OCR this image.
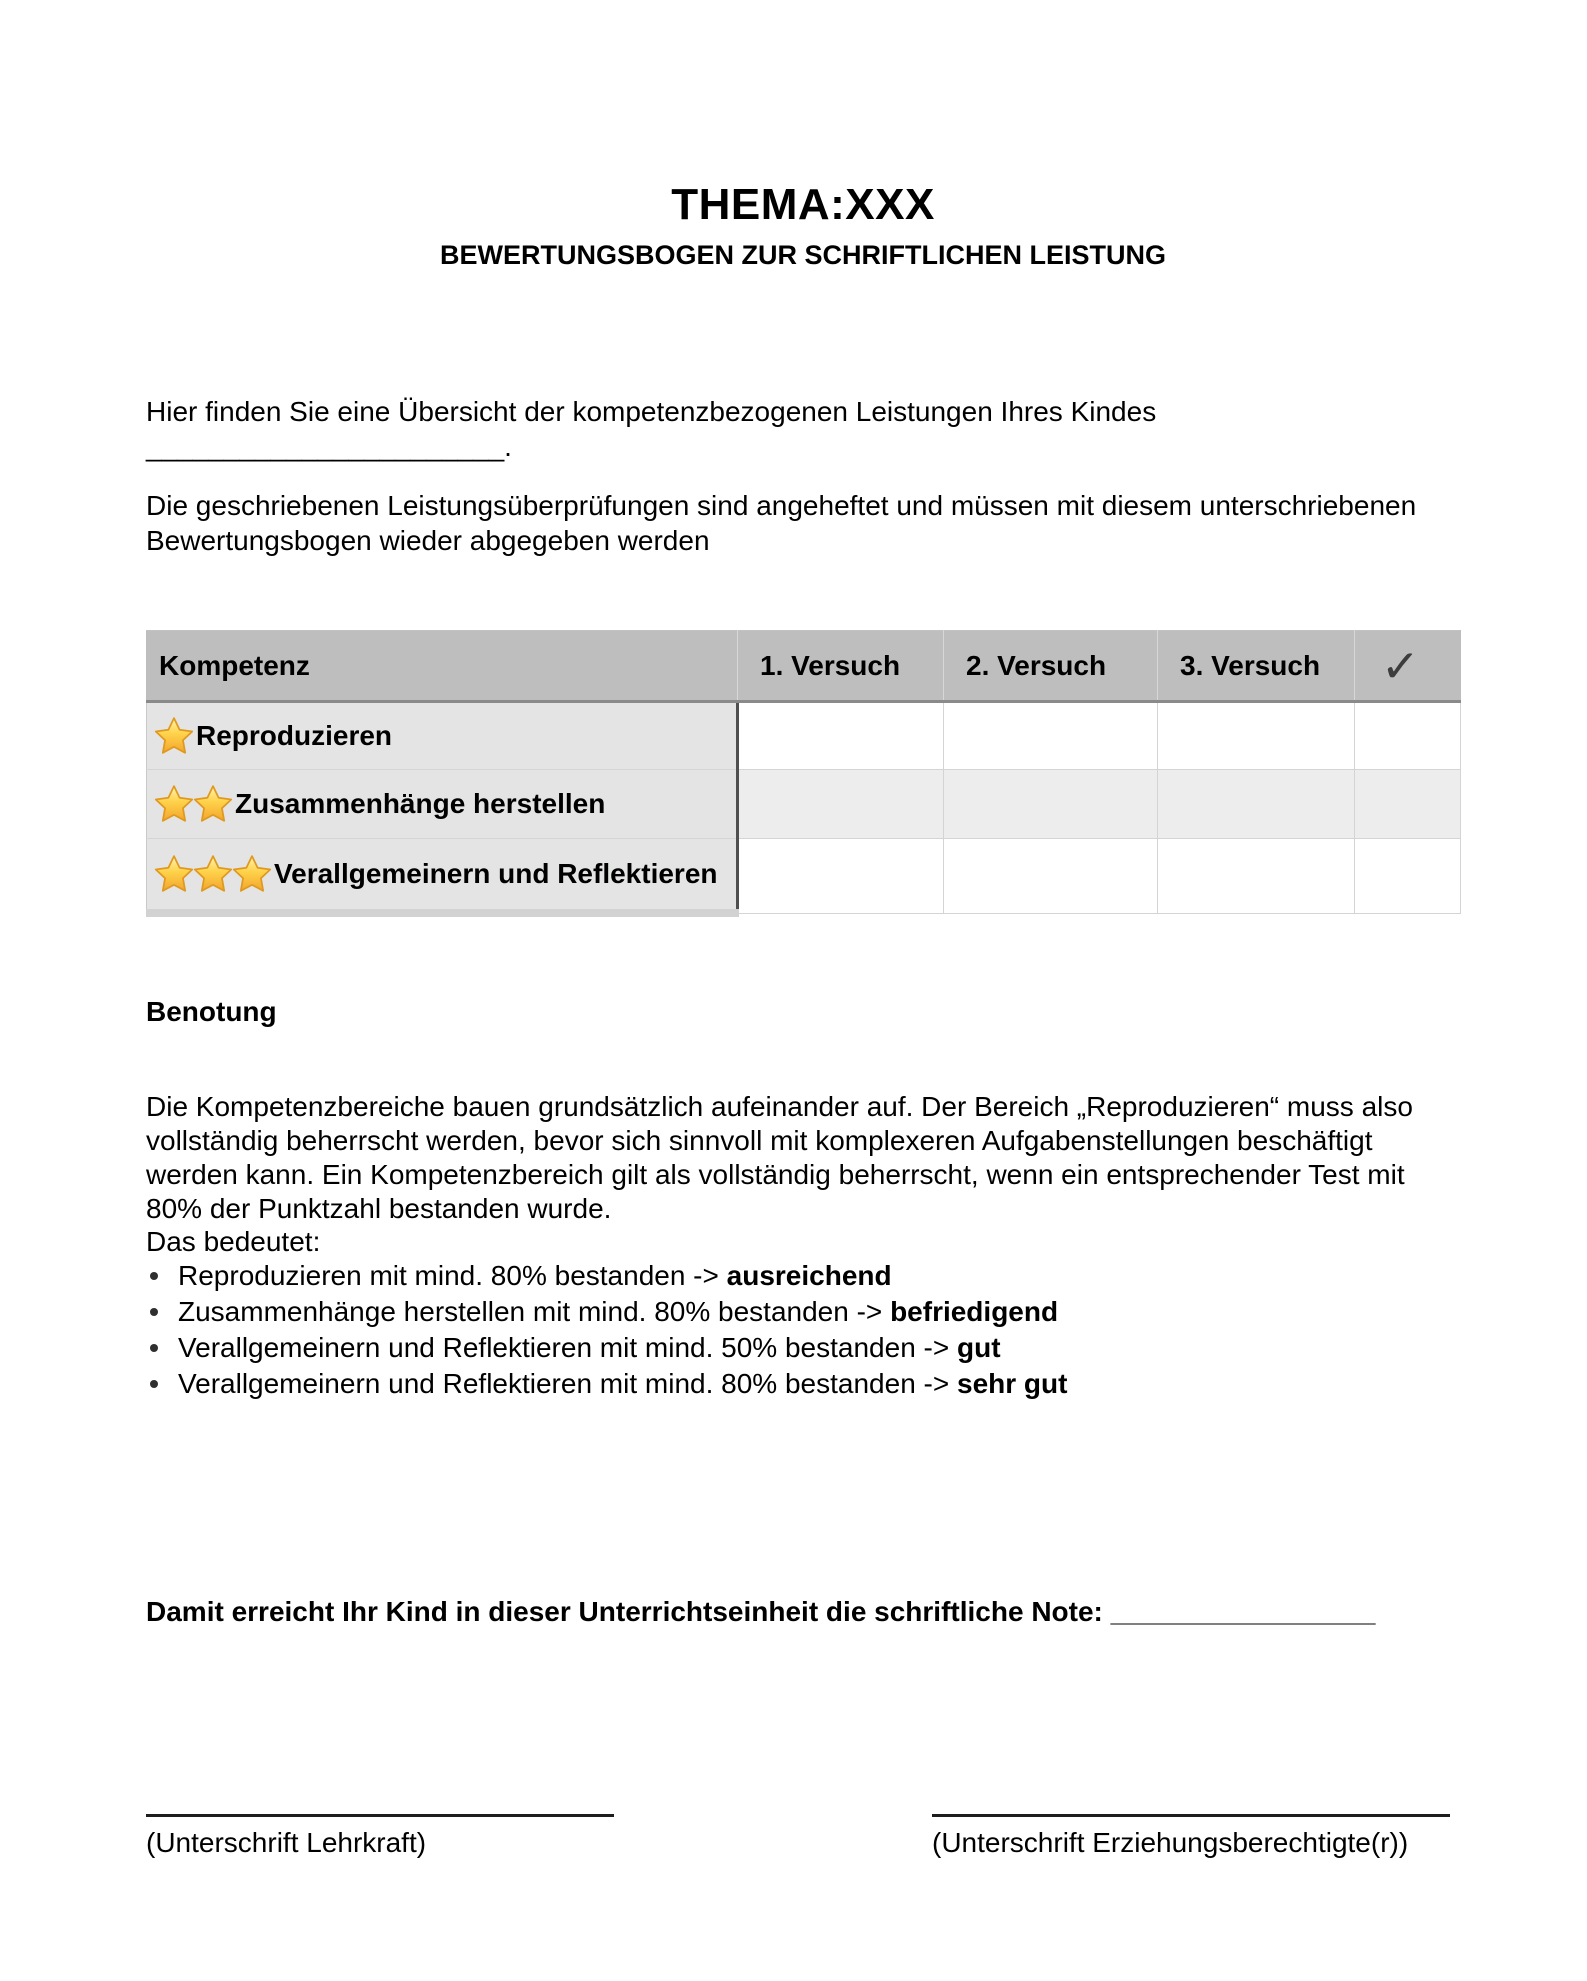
THEMA:XXX
BEWERTUNGSBOGEN ZUR SCHRIFTLICHEN LEISTUNG

Hier finden Sie eine Übersicht der kompetenzbezogenen Leistungen Ihres Kindes _______________________.

Die geschriebenen Leistungsüberprüfungen sind angeheftet und müssen mit diesem unterschriebenen Bewertungsbogen wieder abgegeben werden

Kompetenz	1. Versuch	2. Versuch	3. Versuch	✓
Reproduzieren				
Zusammenhänge herstellen				
Verallgemeinern und Reflektieren				
Benotung

Die Kompetenzbereiche bauen grundsätzlich aufeinander auf. Der Bereich „Reproduzieren“ muss also vollständig beherrscht werden, bevor sich sinnvoll mit komplexeren Aufgabenstellungen beschäftigt werden kann. Ein Kompetenzbereich gilt als vollständig beherrscht, wenn ein entsprechender Test mit 80% der Punktzahl bestanden wurde.

Das bedeutet:
Reproduzieren mit mind. 80% bestanden -> ausreichend
Zusammenhänge herstellen mit mind. 80% bestanden -> befriedigend
Verallgemeinern und Reflektieren mit mind. 50% bestanden -> gut
Verallgemeinern und Reflektieren mit mind. 80% bestanden -> sehr gut

Damit erreicht Ihr Kind in dieser Unterrichtseinheit die schriftliche Note: _________________

(Unterschrift Lehrkraft)	(Unterschrift Erziehungsberechtigte(r))
